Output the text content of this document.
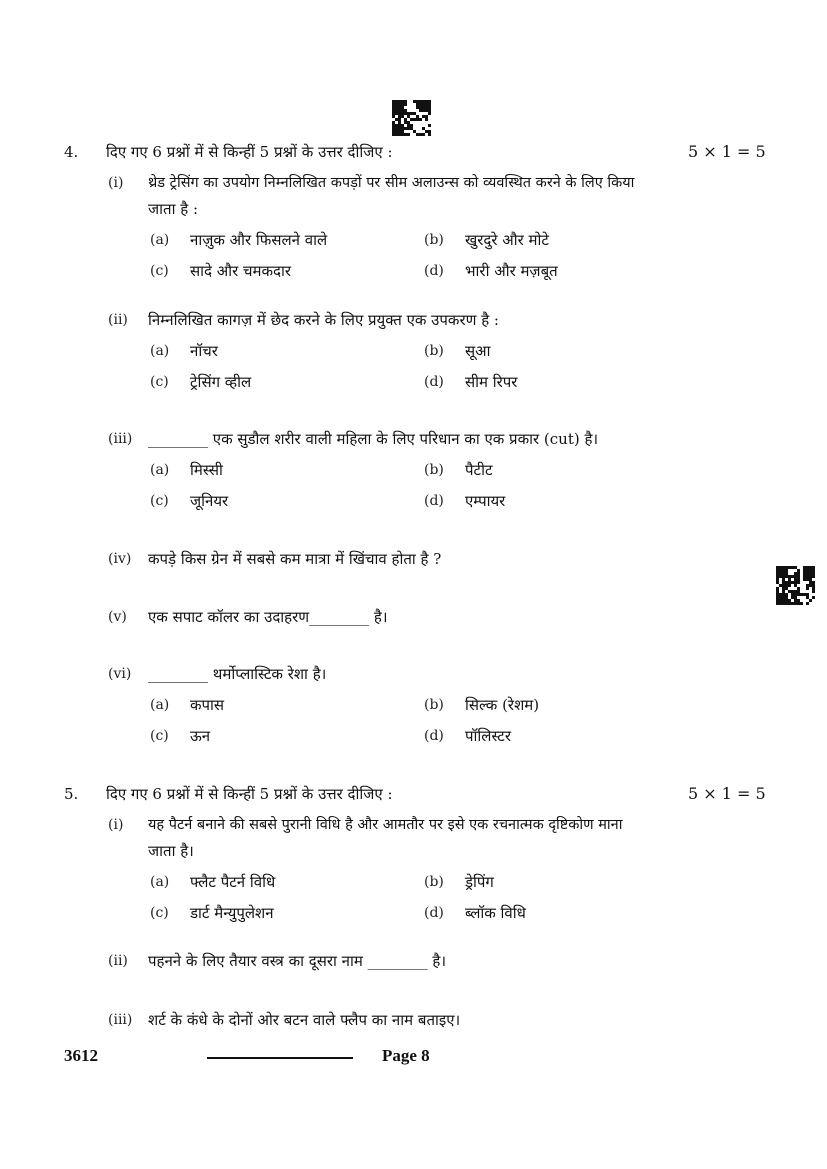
4. दिए गए 6 प्रश्नों में से किन्हीं 5 प्रश्नों के उत्तर दीजिए :	5 × 1 = 5
(i) थ्रेड ट्रेसिंग का उपयोग निम्नलिखित कपड़ों पर सीम अलाउन्स को व्यवस्थित करने के लिए किया
जाता है :
(a) नाज़ुक और फिसलने वाले	(b) खुरदुरे और मोटे
(c) सादे और चमकदार	(d) भारी और मज़बूत
(ii) निम्नलिखित कागज़ में छेद करने के लिए प्रयुक्त एक उपकरण है :
(a) नॉचर	(b) सूआ
(c) ट्रेसिंग व्हील	(d) सीम रिपर
(iii) ________ एक सुडौल शरीर वाली महिला के लिए परिधान का एक प्रकार (cut) है।
(a) मिस्सी	(b) पैटीट
(c) जूनियर	(d) एम्पायर
(iv) कपड़े किस ग्रेन में सबसे कम मात्रा में खिंचाव होता है ?
(v) एक सपाट कॉलर का उदाहरण________ है।
(vi) ________ थर्मोप्लास्टिक रेशा है।
(a) कपास	(b) सिल्क (रेशम)
(c) ऊन	(d) पॉलिस्टर
5. दिए गए 6 प्रश्नों में से किन्हीं 5 प्रश्नों के उत्तर दीजिए :	5 × 1 = 5
(i) यह पैटर्न बनाने की सबसे पुरानी विधि है और आमतौर पर इसे एक रचनात्मक दृष्टिकोण माना
जाता है।
(a) फ्लैट पैटर्न विधि	(b) ड्रेपिंग
(c) डार्ट मैन्युपुलेशन	(d) ब्लॉक विधि
(ii) पहनने के लिए तैयार वस्त्र का दूसरा नाम ________ है।
(iii) शर्ट के कंधे के दोनों ओर बटन वाले फ्लैप का नाम बताइए।
3612	Page 8
